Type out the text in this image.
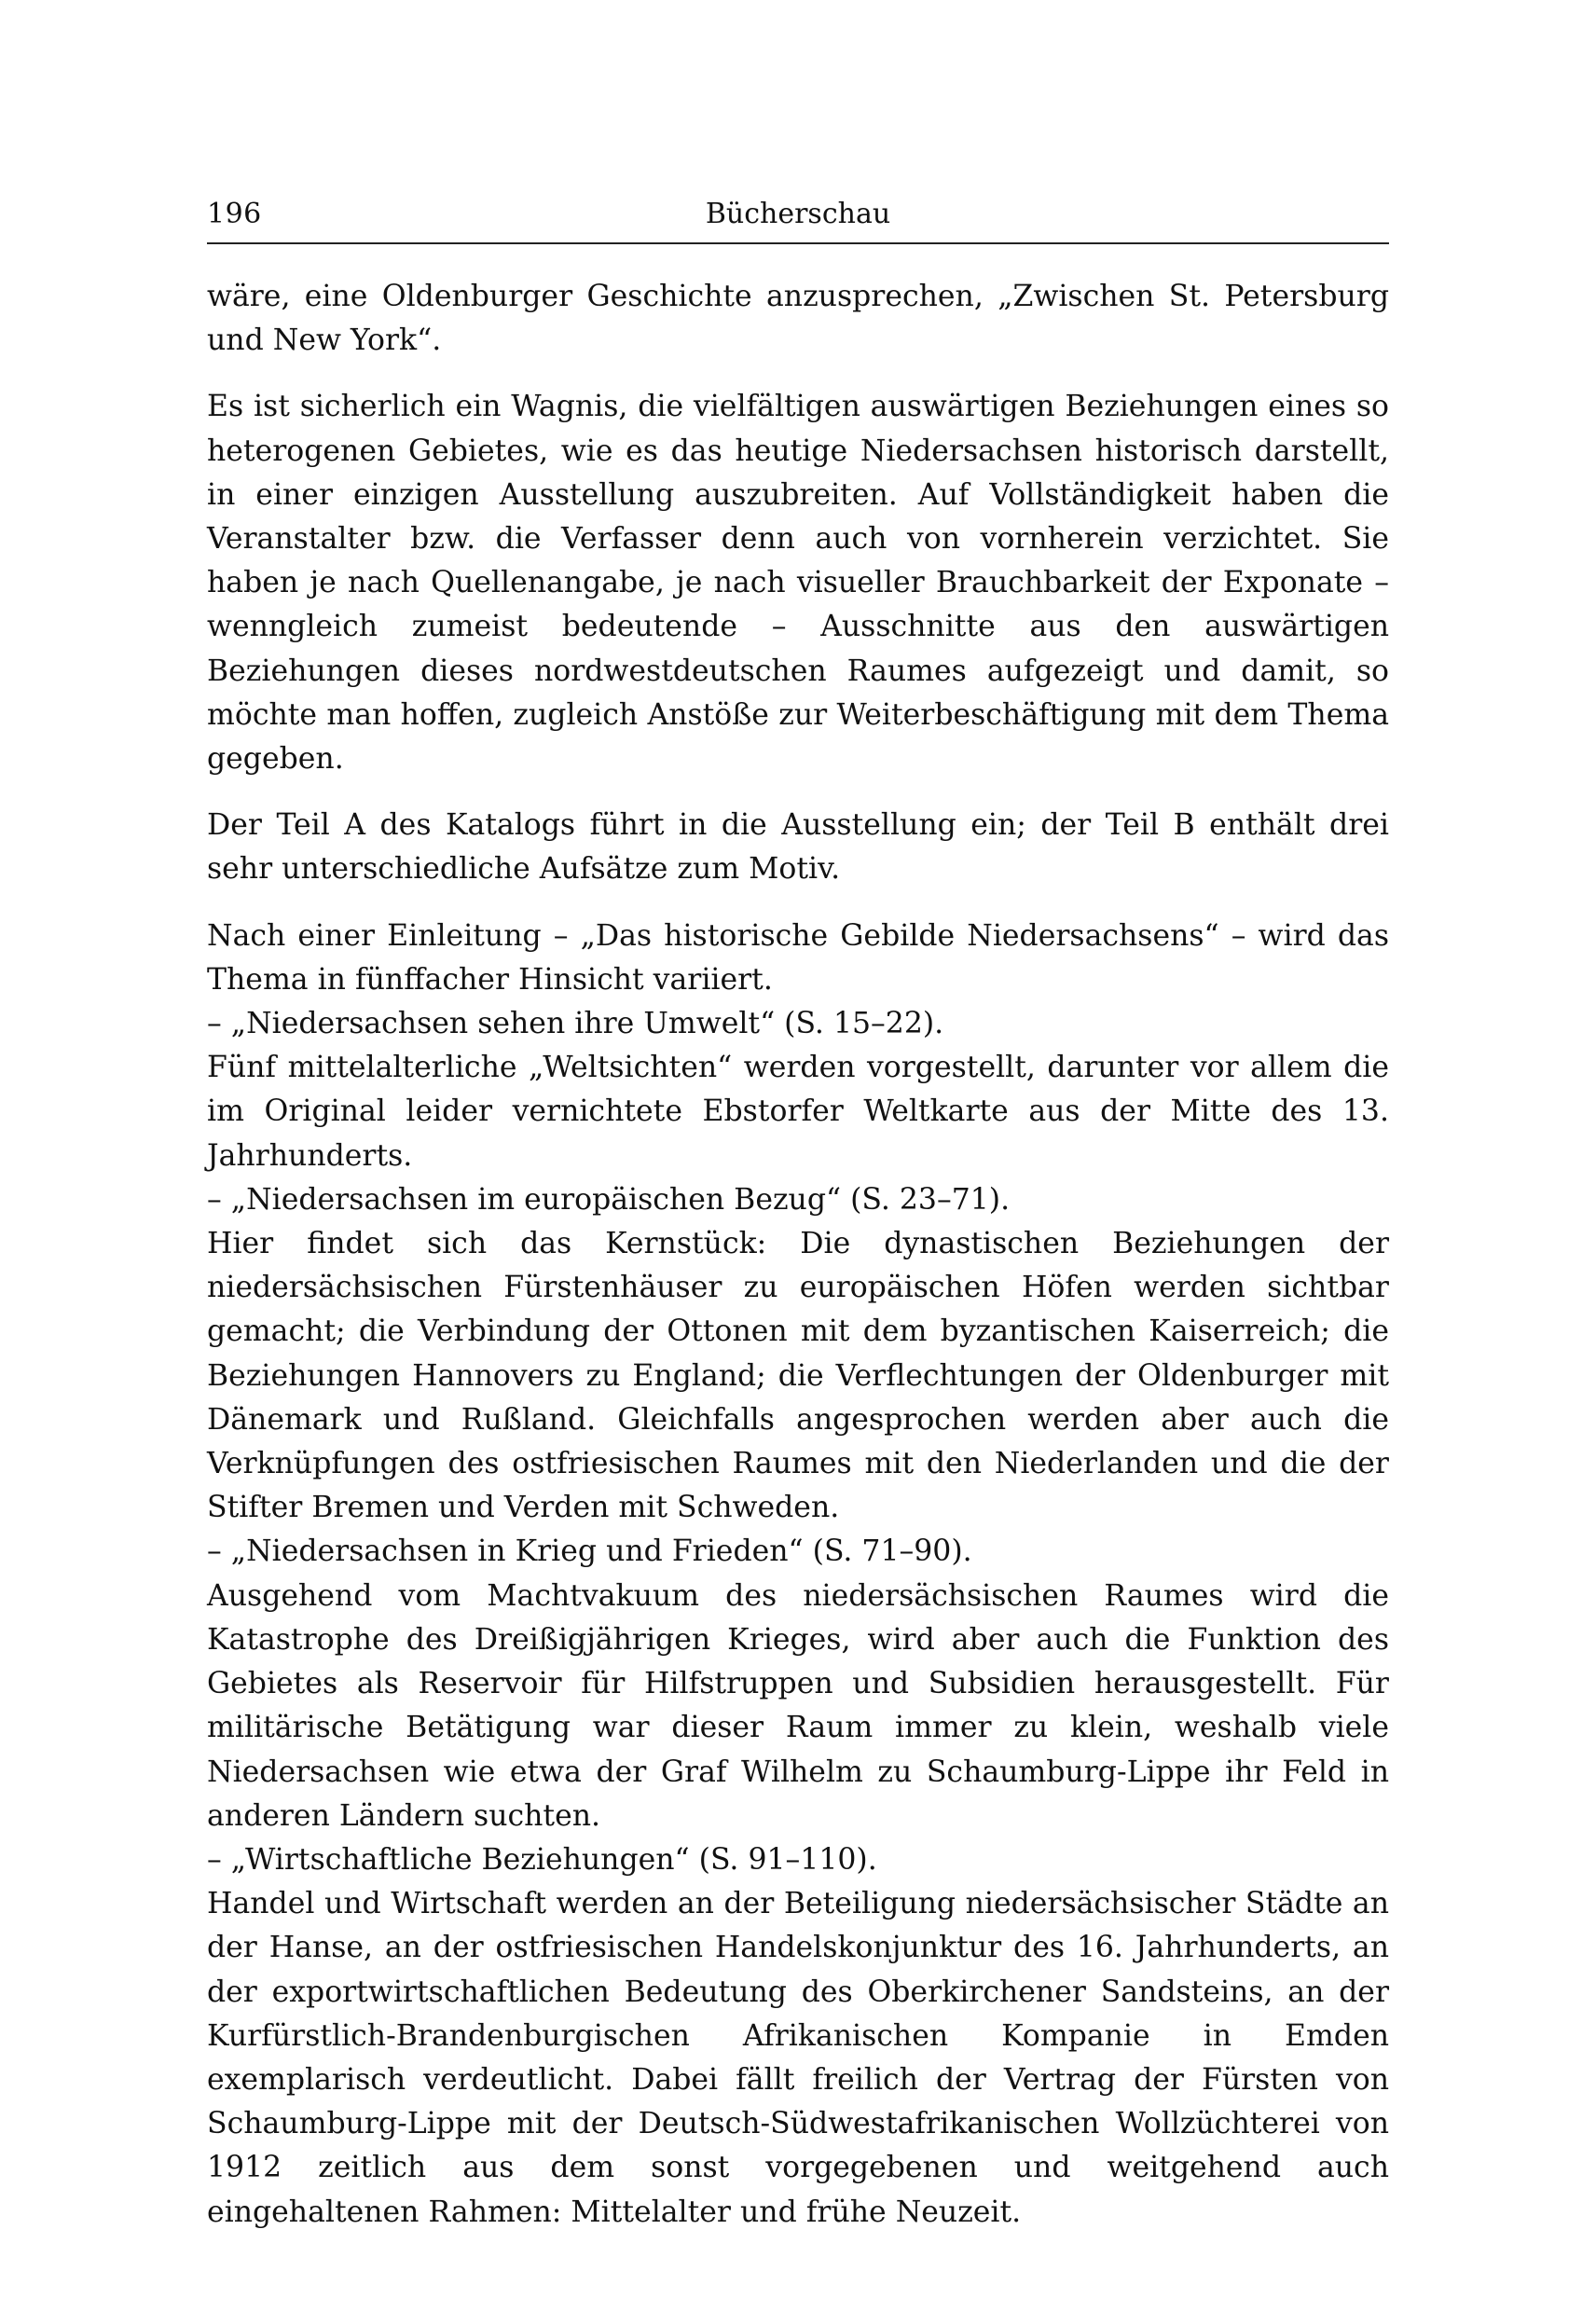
196	Bücherschau

wäre, eine Oldenburger Geschichte anzusprechen, „Zwischen St. Petersburg und New York“.

Es ist sicherlich ein Wagnis, die vielfältigen auswärtigen Beziehungen eines so heterogenen Gebietes, wie es das heutige Niedersachsen historisch darstellt, in einer einzigen Ausstellung auszubreiten. Auf Vollständigkeit haben die Veranstalter bzw. die Verfasser denn auch von vornherein verzichtet. Sie haben je nach Quellenangabe, je nach visueller Brauchbarkeit der Exponate – wenngleich zumeist bedeutende – Ausschnitte aus den auswärtigen Beziehungen dieses nordwestdeutschen Raumes aufgezeigt und damit, so möchte man hoffen, zugleich Anstöße zur Weiterbeschäftigung mit dem Thema gegeben.

Der Teil A des Katalogs führt in die Ausstellung ein; der Teil B enthält drei sehr unterschiedliche Aufsätze zum Motiv.

Nach einer Einleitung – „Das historische Gebilde Niedersachsens“ – wird das Thema in fünffacher Hinsicht variiert.

– „Niedersachsen sehen ihre Umwelt“ (S. 15–22).

Fünf mittelalterliche „Weltsichten“ werden vorgestellt, darunter vor allem die im Original leider vernichtete Ebstorfer Weltkarte aus der Mitte des 13. Jahrhunderts.

– „Niedersachsen im europäischen Bezug“ (S. 23–71).

Hier findet sich das Kernstück: Die dynastischen Beziehungen der niedersächsischen Fürstenhäuser zu europäischen Höfen werden sichtbar gemacht; die Verbindung der Ottonen mit dem byzantischen Kaiserreich; die Beziehungen Hannovers zu England; die Verflechtungen der Oldenburger mit Dänemark und Rußland. Gleichfalls angesprochen werden aber auch die Verknüpfungen des ostfriesischen Raumes mit den Niederlanden und die der Stifter Bremen und Verden mit Schweden.

– „Niedersachsen in Krieg und Frieden“ (S. 71–90).

Ausgehend vom Machtvakuum des niedersächsischen Raumes wird die Katastrophe des Dreißigjährigen Krieges, wird aber auch die Funktion des Gebietes als Reservoir für Hilfstruppen und Subsidien herausgestellt. Für militärische Betätigung war dieser Raum immer zu klein, weshalb viele Niedersachsen wie etwa der Graf Wilhelm zu Schaumburg-Lippe ihr Feld in anderen Ländern suchten.

– „Wirtschaftliche Beziehungen“ (S. 91–110).

Handel und Wirtschaft werden an der Beteiligung niedersächsischer Städte an der Hanse, an der ostfriesischen Handelskonjunktur des 16. Jahrhunderts, an der exportwirtschaftlichen Bedeutung des Oberkirchener Sandsteins, an der Kurfürstlich-Brandenburgischen Afrikanischen Kompanie in Emden exemplarisch verdeutlicht. Dabei fällt freilich der Vertrag der Fürsten von Schaumburg-Lippe mit der Deutsch-Südwestafrikanischen Wollzüchterei von 1912 zeitlich aus dem sonst vorgegebenen und weitgehend auch eingehaltenen Rahmen: Mittelalter und frühe Neuzeit.
